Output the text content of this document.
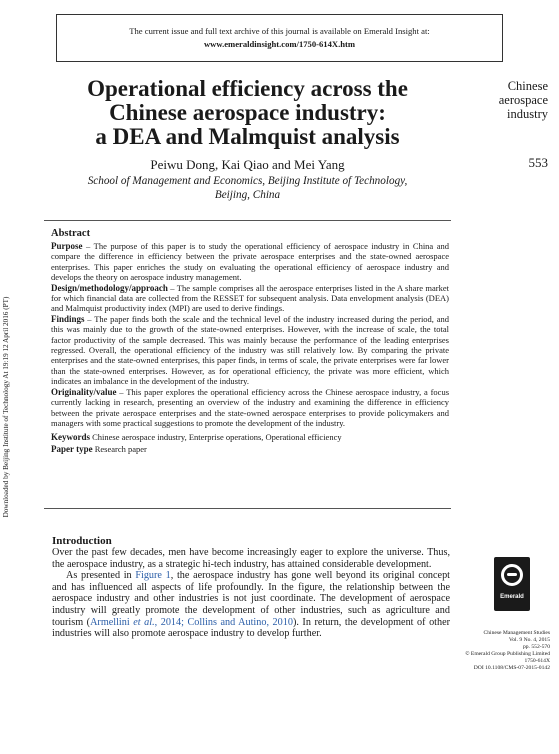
The current issue and full text archive of this journal is available on Emerald Insight at:
www.emeraldinsight.com/1750-614X.htm
Downloaded by Beijing Institute of Technology At 19:19 12 April 2016 (PT)
Operational efficiency across the
Chinese aerospace industry:
a DEA and Malmquist analysis
Peiwu Dong, Kai Qiao and Mei Yang
School of Management and Economics, Beijing Institute of Technology,
Beijing, China
Chinese
aerospace
industry
553
Abstract

Purpose – The purpose of this paper is to study the operational efficiency of aerospace industry in China and compare the difference in efficiency between the private aerospace enterprises and the state-owned aerospace enterprises. This paper enriches the study on evaluating the operational efficiency of aerospace industry and develops the theory on aerospace industry management.

Design/methodology/approach – The sample comprises all the aerospace enterprises listed in the A share market for which financial data are collected from the RESSET for subsequent analysis. Data envelopment analysis (DEA) and Malmquist productivity index (MPI) are used to derive findings.

Findings – The paper finds both the scale and the technical level of the industry increased during the period, and this was mainly due to the growth of the state-owned enterprises. However, with the increase of scale, the total factor productivity of the sample decreased. This was mainly because the performance of the leading enterprises regressed. Overall, the operational efficiency of the industry was still relatively low. By comparing the private enterprises and the state-owned enterprises, this paper finds, in terms of scale, the private enterprises were far lower than the state-owned enterprises. However, as for operational efficiency, the private was more efficient, which indicates an imbalance in the development of the industry.

Originality/value – This paper explores the operational efficiency across the Chinese aerospace industry, a focus currently lacking in research, presenting an overview of the industry and examining the difference in efficiency between the private aerospace enterprises and the state-owned aerospace enterprises to provide policymakers and managers with some practical suggestions to promote the development of the industry.

Keywords Chinese aerospace industry, Enterprise operations, Operational efficiency

Paper type Research paper

Introduction

Over the past few decades, men have become increasingly eager to explore the universe. Thus, the aerospace industry, as a strategic hi-tech industry, has attained considerable development.

As presented in Figure 1, the aerospace industry has gone well beyond its original concept and has influenced all aspects of life profoundly. In the figure, the relationship between the aerospace industry and other industries is not just coordinate. The development of aerospace industry will greatly promote the development of other industries, such as agriculture and tourism (Armellini et al., 2014; Collins and Autino, 2010). In return, the development of other industries will also promote aerospace industry to develop further.

Emerald
Chinese Management Studies
Vol. 9 No. 4, 2015
pp. 552-570
© Emerald Group Publishing Limited
1750-614X
DOI 10.1108/CMS-07-2015-0142
